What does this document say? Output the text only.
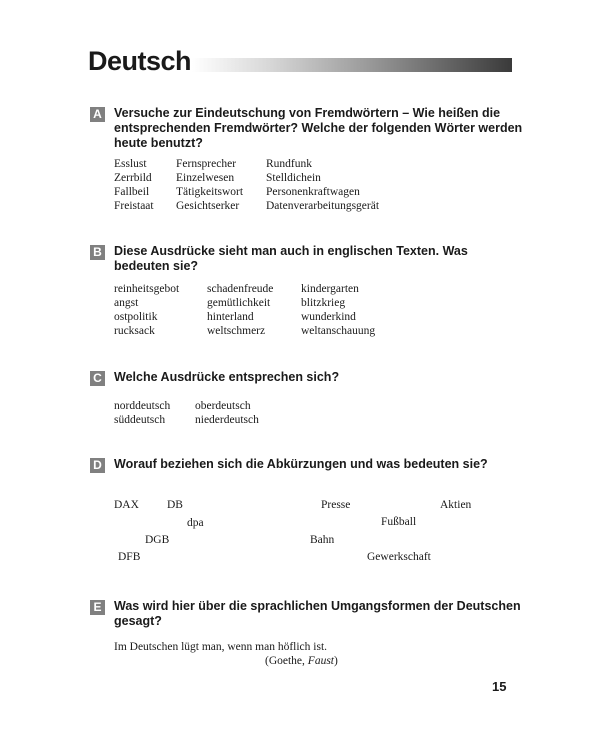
Deutsch
A Versuche zur Eindeutschung von Fremdwörtern – Wie heißen die entsprechenden Fremdwörter? Welche der folgenden Wörter werden heute benutzt?
Esslust
Zerrbild
Fallbeil
Freistaat
Fernsprecher
Einzelwesen
Tätigkeitswort
Gesichtserker
Rundfunk
Stelldichein
Personenkraftwagen
Datenverarbeitungsgerät
B Diese Ausdrücke sieht man auch in englischen Texten. Was bedeuten sie?
reinheitsgebot
angst
ostpolitik
rucksack
schadenfreude
gemütlichkeit
hinterland
weltschmerz
kindergarten
blitzkrieg
wunderkind
weltanschauung
C Welche Ausdrücke entsprechen sich?
norddeutsch
süddeutsch
oberdeutsch
niederdeutsch
D Worauf beziehen sich die Abkürzungen und was bedeuten sie?
DAX DB
dpa
DGB
DFB
Presse	Aktien
Fußball
Bahn
Gewerkschaft
E Was wird hier über die sprachlichen Umgangsformen der Deutschen gesagt?
Im Deutschen lügt man, wenn man höflich ist.
(Goethe, Faust)
15
